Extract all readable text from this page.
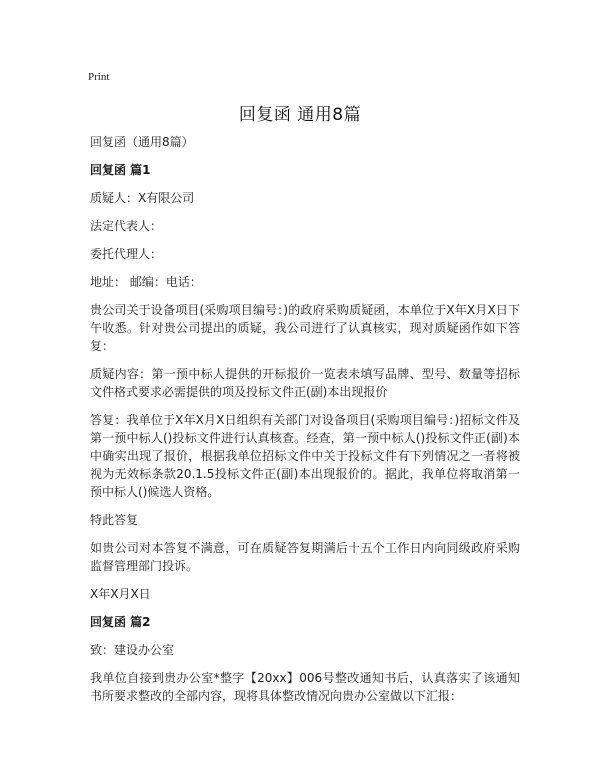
Print
回复函 通用8篇
回复函（通用8篇）
回复函 篇1
质疑人：X有限公司
法定代表人：
委托代理人：
地址： 邮编：电话：
贵公司关于设备项目(采购项目编号：)的政府采购质疑函，本单位于X年X月X日下午收悉。针对贵公司提出的质疑，我公司进行了认真核实，现对质疑函作如下答复：
质疑内容：第一预中标人提供的开标报价一览表未填写品牌、型号、数量等招标文件格式要求必需提供的项及投标文件正(副)本出现报价
答复：我单位于X年X月X日组织有关部门对设备项目(采购项目编号：)招标文件及第一预中标人()投标文件进行认真核查。经查，第一预中标人()投标文件正(副)本中确实出现了报价，根据我单位招标文件中关于投标文件有下列情况之一者将被视为无效标条款20.1.5投标文件正(副)本出现报价的。据此，我单位将取消第一预中标人()候选人资格。
特此答复
如贵公司对本答复不满意，可在质疑答复期满后十五个工作日内向同级政府采购监督管理部门投诉。
X年X月X日
回复函 篇2
致：建设办公室
我单位自接到贵办公室*整字【20xx】006号整改通知书后，认真落实了该通知书所要求整改的全部内容，现将具体整改情况向贵办公室做以下汇报：
